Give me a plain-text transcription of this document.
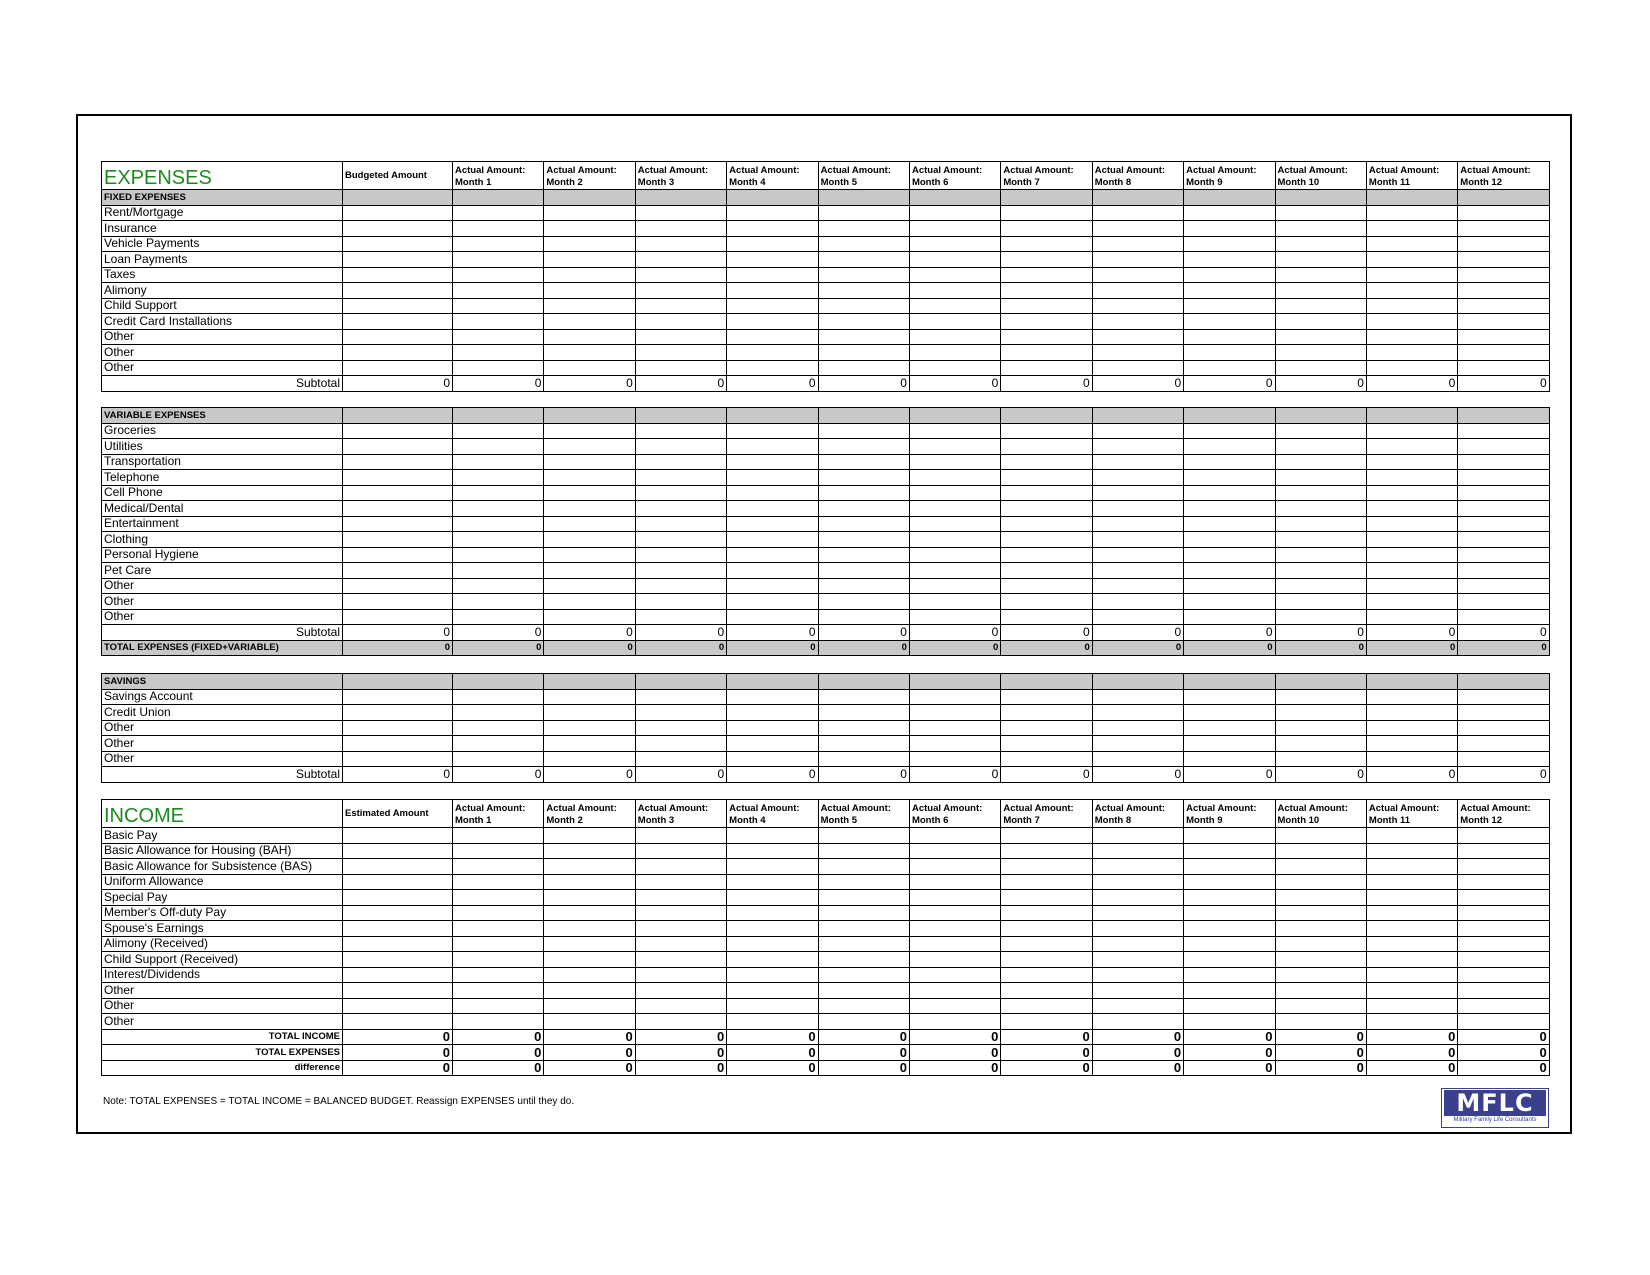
EXPENSES	Budgeted Amount	Actual Amount: Month 1	Actual Amount: Month 2	Actual Amount: Month 3	Actual Amount: Month 4	Actual Amount: Month 5	Actual Amount: Month 6	Actual Amount: Month 7	Actual Amount: Month 8	Actual Amount: Month 9	Actual Amount: Month 10	Actual Amount: Month 11	Actual Amount: Month 12
FIXED EXPENSES													
Rent/Mortgage													
Insurance													
Vehicle Payments													
Loan Payments													
Taxes													
Alimony													
Child Support													
Credit Card Installations													
Other													
Other													
Other													
Subtotal	0	0	0	0	0	0	0	0	0	0	0	0	0
VARIABLE EXPENSES													
Groceries													
Utilities													
Transportation													
Telephone													
Cell Phone													
Medical/Dental													
Entertainment													
Clothing													
Personal Hygiene													
Pet Care													
Other													
Other													
Other													
Subtotal	0	0	0	0	0	0	0	0	0	0	0	0	0
TOTAL EXPENSES (FIXED+VARIABLE)	0	0	0	0	0	0	0	0	0	0	0	0	0
SAVINGS													
Savings Account													
Credit Union													
Other													
Other													
Other													
Subtotal	0	0	0	0	0	0	0	0	0	0	0	0	0
INCOME	Estimated Amount	Actual Amount: Month 1	Actual Amount: Month 2	Actual Amount: Month 3	Actual Amount: Month 4	Actual Amount: Month 5	Actual Amount: Month 6	Actual Amount: Month 7	Actual Amount: Month 8	Actual Amount: Month 9	Actual Amount: Month 10	Actual Amount: Month 11	Actual Amount: Month 12
Basic Pay													
Basic Allowance for Housing (BAH)													
Basic Allowance for Subsistence (BAS)													
Uniform Allowance													
Special Pay													
Member's Off-duty Pay													
Spouse's Earnings													
Alimony (Received)													
Child Support (Received)													
Interest/Dividends													
Other													
Other													
Other													
TOTAL INCOME	0	0	0	0	0	0	0	0	0	0	0	0	0
TOTAL EXPENSES	0	0	0	0	0	0	0	0	0	0	0	0	0
difference	0	0	0	0	0	0	0	0	0	0	0	0	0
Note: TOTAL EXPENSES = TOTAL INCOME = BALANCED BUDGET. Reassign EXPENSES until they do.	MFLC
Military Family Life Consultants
